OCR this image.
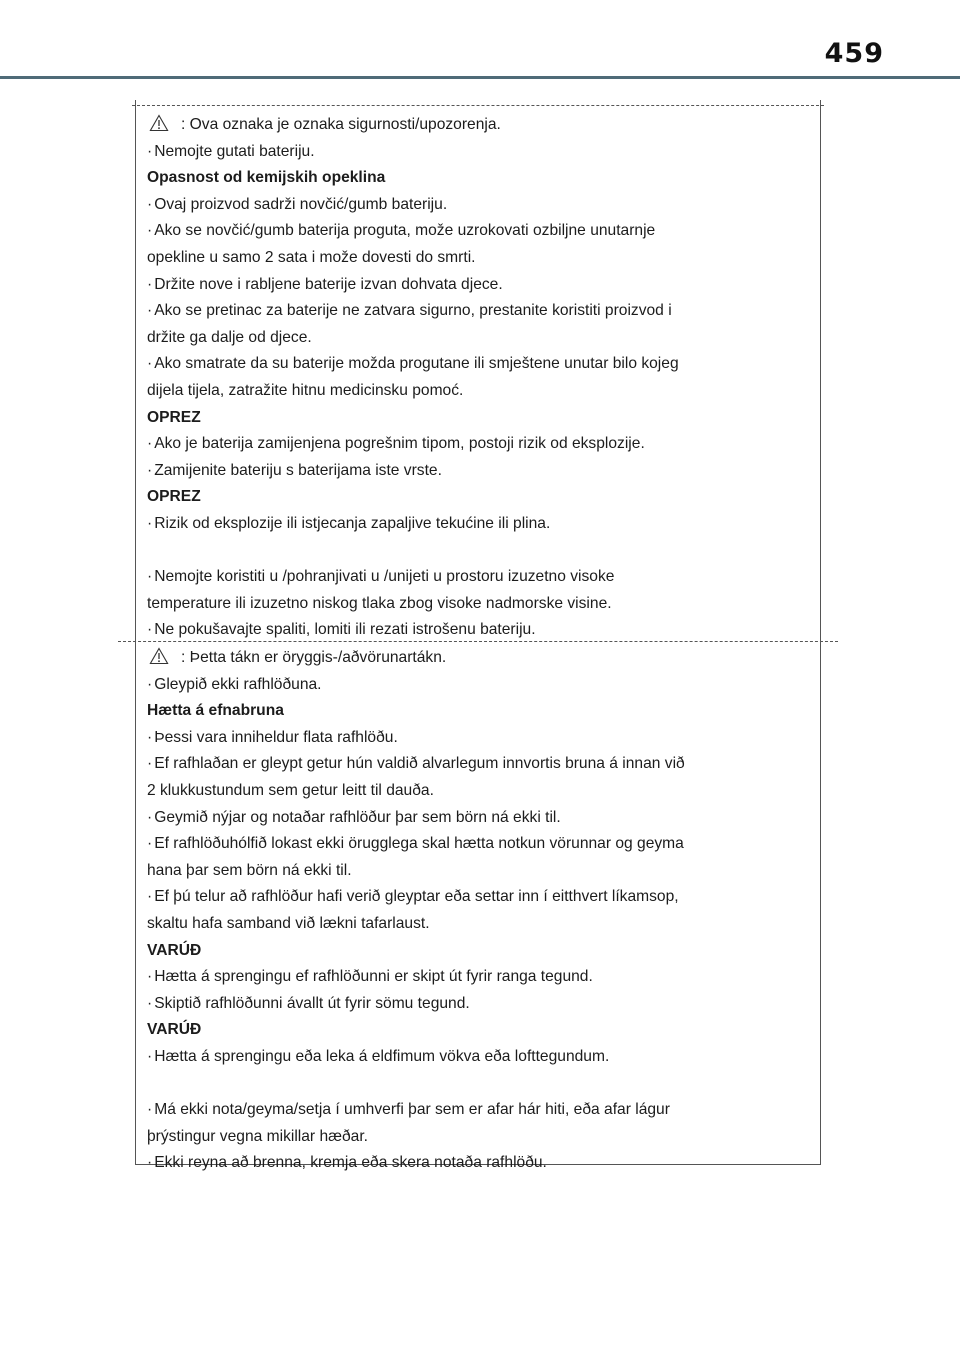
459
: Ova oznaka je oznaka sigurnosti/upozorenja.
· Nemojte gutati bateriju.
Opasnost od kemijskih opeklina
· Ovaj proizvod sadrži novčić/gumb bateriju.
· Ako se novčić/gumb baterija proguta, može uzrokovati ozbiljne unutarnje
opekline u samo 2 sata i može dovesti do smrti.
· Držite nove i rabljene baterije izvan dohvata djece.
· Ako se pretinac za baterije ne zatvara sigurno, prestanite koristiti proizvod i
držite ga dalje od djece.
· Ako smatrate da su baterije možda progutane ili smještene unutar bilo kojeg
dijela tijela, zatražite hitnu medicinsku pomoć.
OPREZ
· Ako je baterija zamijenjena pogrešnim tipom, postoji rizik od eksplozije.
· Zamijenite bateriju s baterijama iste vrste.
OPREZ
· Rizik od eksplozije ili istjecanja zapaljive tekućine ili plina.
· Nemojte koristiti u /pohranjivati u /unijeti u prostoru izuzetno visoke
temperature ili izuzetno niskog tlaka zbog visoke nadmorske visine.
· Ne pokušavajte spaliti, lomiti ili rezati istrošenu bateriju.
: Þetta tákn er öryggis-/aðvörunartákn.
· Gleypið ekki rafhlöðuna.
Hætta á efnabruna
· Þessi vara inniheldur flata rafhlöðu.
· Ef rafhlaðan er gleypt getur hún valdið alvarlegum innvortis bruna á innan við
2 klukkustundum sem getur leitt til dauða.
· Geymið nýjar og notaðar rafhlöður þar sem börn ná ekki til.
· Ef rafhlöðuhólfið lokast ekki örugglega skal hætta notkun vörunnar og geyma
hana þar sem börn ná ekki til.
· Ef þú telur að rafhlöður hafi verið gleyptar eða settar inn í eitthvert líkamsop,
skaltu hafa samband við lækni tafarlaust.
VARÚÐ
· Hætta á sprengingu ef rafhlöðunni er skipt út fyrir ranga tegund.
· Skiptið rafhlöðunni ávallt út fyrir sömu tegund.
VARÚÐ
· Hætta á sprengingu eða leka á eldfimum vökva eða lofttegundum.
· Má ekki nota/geyma/setja í umhverfi þar sem er afar hár hiti, eða afar lágur
þrýstingur vegna mikillar hæðar.
· Ekki reyna að brenna, kremja eða skera notaða rafhlöðu.
